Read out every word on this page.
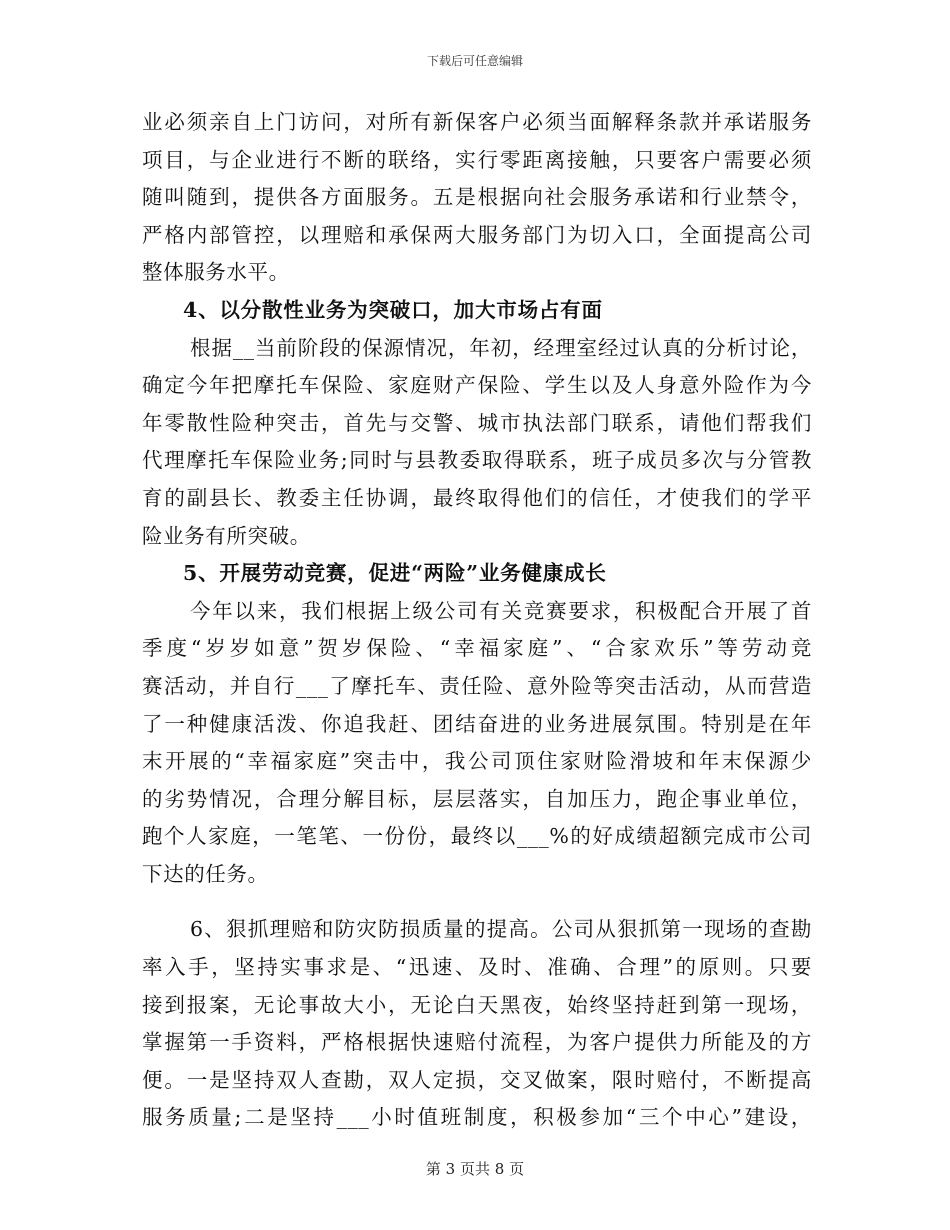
下载后可任意编辑
业必须亲自上门访问，对所有新保客户必须当面解释条款并承诺服务
项目，与企业进行不断的联络，实行零距离接触，只要客户需要必须
随叫随到，提供各方面服务。五是根据向社会服务承诺和行业禁令，
严格内部管控，以理赔和承保两大服务部门为切入口，全面提高公司
整体服务水平。
4、以分散性业务为突破口，加大市场占有面
根据__当前阶段的保源情况，年初，经理室经过认真的分析讨论，
确定今年把摩托车保险、家庭财产保险、学生以及人身意外险作为今
年零散性险种突击，首先与交警、城市执法部门联系，请他们帮我们
代理摩托车保险业务;同时与县教委取得联系，班子成员多次与分管教
育的副县长、教委主任协调，最终取得他们的信任，才使我们的学平
险业务有所突破。
5、开展劳动竞赛，促进“两险”业务健康成长
今年以来，我们根据上级公司有关竞赛要求，积极配合开展了首
季度“岁岁如意”贺岁保险、“幸福家庭”、“合家欢乐”等劳动竞
赛活动，并自行___了摩托车、责任险、意外险等突击活动，从而营造
了一种健康活泼、你追我赶、团结奋进的业务进展氛围。特别是在年
末开展的“幸福家庭”突击中，我公司顶住家财险滑坡和年末保源少
的劣势情况，合理分解目标，层层落实，自加压力，跑企事业单位，
跑个人家庭，一笔笔、一份份，最终以___%的好成绩超额完成市公司
下达的任务。
6、狠抓理赔和防灾防损质量的提高。公司从狠抓第一现场的查勘
率入手，坚持实事求是、“迅速、及时、准确、合理”的原则。只要
接到报案，无论事故大小，无论白天黑夜，始终坚持赶到第一现场，
掌握第一手资料，严格根据快速赔付流程，为客户提供力所能及的方
便。一是坚持双人查勘，双人定损，交叉做案，限时赔付，不断提高
服务质量;二是坚持___小时值班制度，积极参加“三个中心”建设，
第 3 页共 8 页
